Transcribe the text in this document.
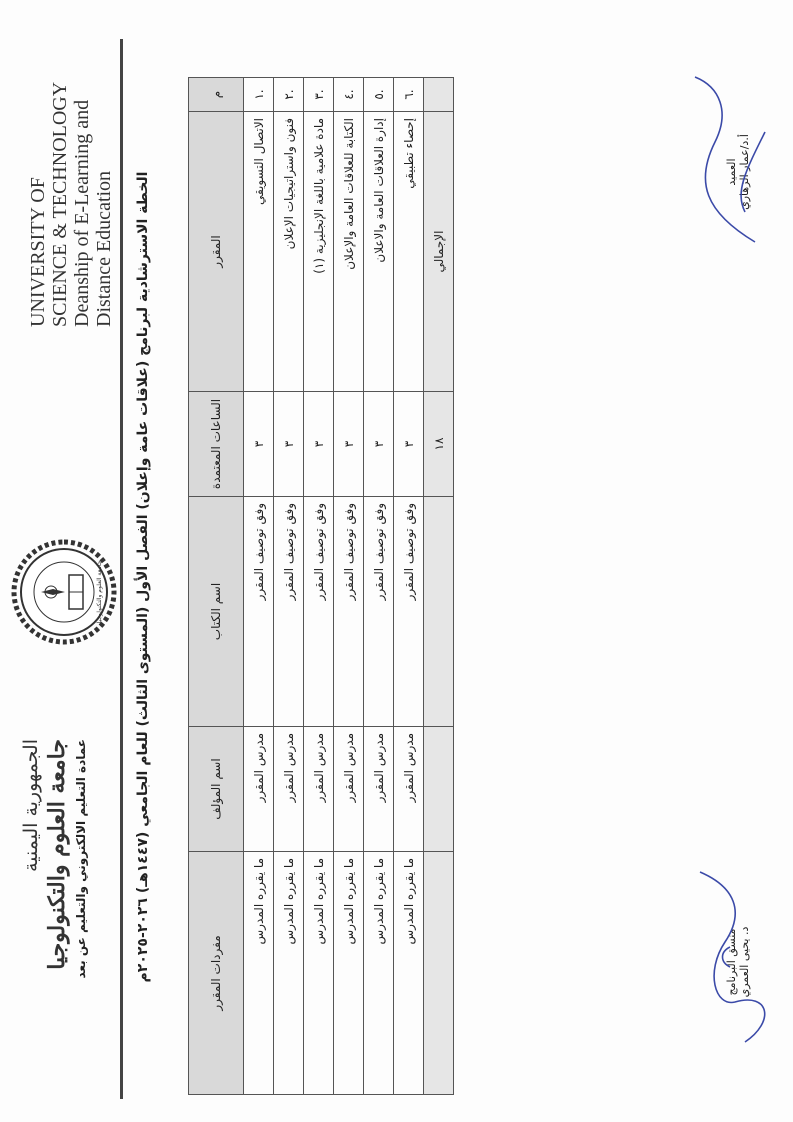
الجمهورية اليمنية جامعة العلوم والتكنولوجيا عمادة التعليم الالكتروني والتعليم عن بعد
جامعة العلوم والتكنولوجيا
UNIVERSITY OF SCIENCE & TECHNOLOGY Deanship of E-Learning and Distance Education
الخطة الاسترشادية لبرنامج (علاقات عامة وإعلان) الفصل الأول (المستوى الثالث) للعام الجامعي (١٤٤٧هـ) ٢٠٢٦-٢٠٢٥م
م	المقرر	الساعات المعتمدة	اسم الكتاب	اسم المؤلف	مفردات المقرر
.١	الاتصال التسويقي	٣	وفق توصيف المقرر	مدرس المقرر	ما يقرره المدرس
.٢	فنون واستراتيجيات الإعلان	٣	وفق توصيف المقرر	مدرس المقرر	ما يقرره المدرس
.٣	مادة علامية باللغة الإنجليزية (١)	٣	وفق توصيف المقرر	مدرس المقرر	ما يقرره المدرس
.٤	الكتابة للعلاقات العامة والإعلان	٣	وفق توصيف المقرر	مدرس المقرر	ما يقرره المدرس
.٥	إدارة العلاقات العامة والاعلان	٣	وفق توصيف المقرر	مدرس المقرر	ما يقرره المدرس
.٦	إحصاء تطبيقي	٣	وفق توصيف المقرر	مدرس المقرر	ما يقرره المدرس
	الإجمالي	١٨			
منسق البرنامج د. يحيى العمري
العميد أ.د/عمار الزهاري
